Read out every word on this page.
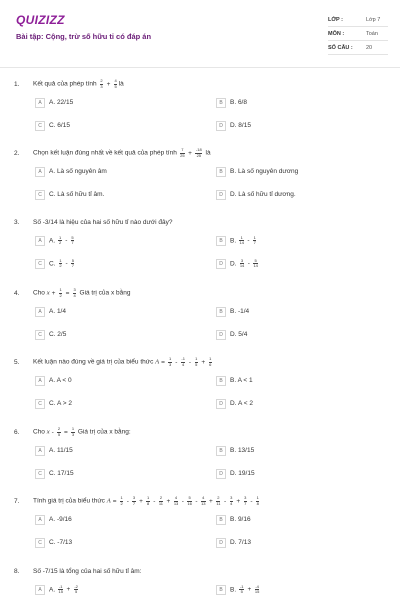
QUIZIZZ
Bài tập: Cộng, trừ số hữu tỉ có đáp án
LỚP :	Lớp 7
MÔN :	Toán
SỐ CÂU : 20
1.	Kết quả của phép tính $\frac{2}{3} + \frac{4}{5}$ là
A	A. 22/15	B	B. 6/8
C	C. 6/15	D	D. 8/15
2.	Chọn kết luận đúng nhất về kết quả của phép tính $\frac{7}{25} + \frac{-18}{25}$ là
A	A. Là số nguyên âm	B	B. Là số nguyên dương
C	C. Là số hữu tỉ âm.	D	D. Là số hữu tỉ dương.
3.	Số -3/14 là hiệu của hai số hữu tỉ nào dưới đây?
A	A. $\frac{1}{2} - \frac{5}{7}$	B	B. $\frac{1}{14} - \frac{1}{7}$
C	C. $\frac{1}{2} - \frac{5}{7}$	D	D. $\frac{3}{14} - \frac{5}{14}$
4.	Cho $x + \frac{1}{2} = \frac{3}{4}$ Giá trị của x bằng
A	A. 1/4	B	B. -1/4
C	C. 2/5	D	D. 5/4
5.	Kết luận nào đúng về giá trị của biểu thức $A = \frac{1}{3} - \frac{-1}{4} - \frac{1}{5} + \frac{1}{6}$
A	A. A < 0	B	B. A < 1
C	C. A > 2	D	D. A < 2
6.	Cho $x - \frac{2}{5} = \frac{1}{3}$ Giá trị của x bằng:
A	A. 11/15	B	B. 13/15
C	C. 17/15	D	D. 19/15
7.	Tính giá trị của biểu thức $A = \frac{1}{2} - \frac{3}{7} + \frac{1}{8} - \frac{2}{11} + \frac{4}{13} - \frac{5}{16} - \frac{4}{13} + \frac{2}{11} - \frac{3}{4} + \frac{3}{7} - \frac{1}{8}$
A	A. -9/16	B	B. 9/16
C	C. -7/13	D	D. 7/13
8.	Số -7/15 là tổng của hai số hữu tỉ âm:
A	A. $\frac{-1}{15} + \frac{-2}{5}$	B	B. $\frac{-1}{5} + \frac{-4}{15}$
